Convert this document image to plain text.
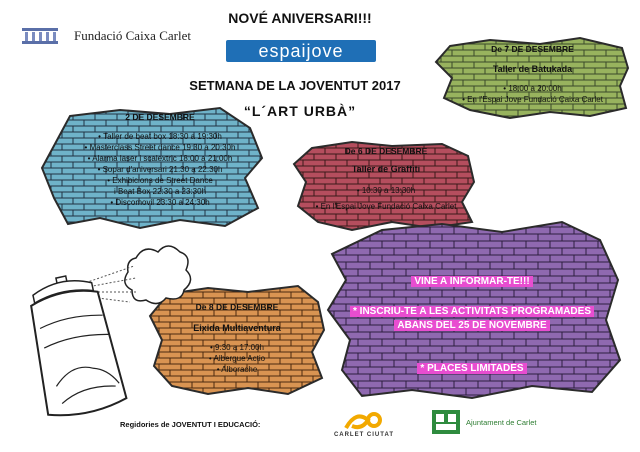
Fundació Caixa Carlet
NOVÉ ANIVERSARI!!!
espaijove
SETMANA DE LA JOVENTUT 2017
“L´ART URBÀ”
De 7 DE DESEMBRE
Taller de Batukada
• 18:00 a 20:00h
• En l'Espai Jove Fundació Caixa Carlet
2 DE DESEMBRE
• Taller de beat box 18:30 a 19:30h
• Masterclass Street dance 19:30 a 20:30h
• Alarma laser i scalextric 18:00 a 21:00h
• Sopar d'aniversari 21:30 a 22:30h
• Exhibicions de Street Dance
i Beat Box 22:30 a 23:30h
• Discomovil 23:30 a 24:30h
De 6 DE DESEMBRE
Taller de Graffiti
• 10:30 a 13:30h
• En l'Espai Jove Fundació Caixa Carlet
VINE A INFORMAR-TE!!!
* INSCRIU-TE A LES ACTIVITATS PROGRAMADES
ABANS DEL 25 DE NOVEMBRE
* PLACES LIMITADES
De 8 DE DESEMBRE
Eixida Multiaventura
• 9:30 a 17:00h
• Albergue Actio
• Alborache
Regidories de JOVENTUT I EDUCACIÓ:
CARLET CIUTAT
Ajuntament de Carlet
